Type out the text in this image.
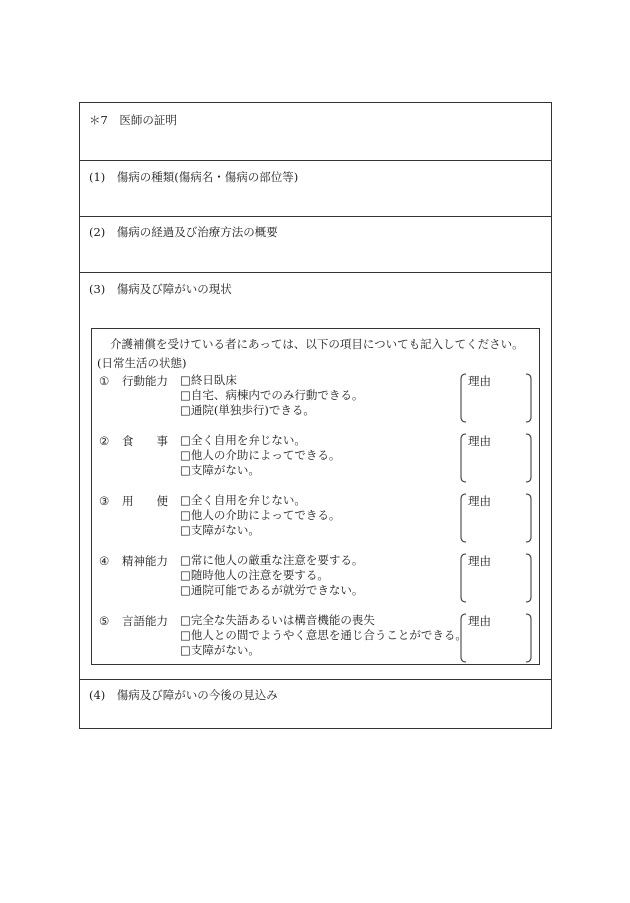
＊7　医師の証明
(1)　傷病の種類(傷病名・傷病の部位等)
(2)　傷病の経過及び治療方法の概要
(3)　傷病及び障がいの現状
介護補償を受けている者にあっては、以下の項目についても記入してください。
(日常生活の状態)
① 行動能力 □終日臥床
□自宅、病棟内でのみ行動できる。
□通院(単独歩行)できる。
理由
② 食　　事 □全く自用を弁じない。
□他人の介助によってできる。
□支障がない。
理由
③ 用　　便 □全く自用を弁じない。
□他人の介助によってできる。
□支障がない。
理由
④ 精神能力 □常に他人の厳重な注意を要する。
□随時他人の注意を要する。
□通院可能であるが就労できない。
理由
⑤ 言語能力 □完全な失語あるいは構音機能の喪失
□他人との間でようやく意思を通じ合うことができる。
□支障がない。
理由
(4)　傷病及び障がいの今後の見込み
